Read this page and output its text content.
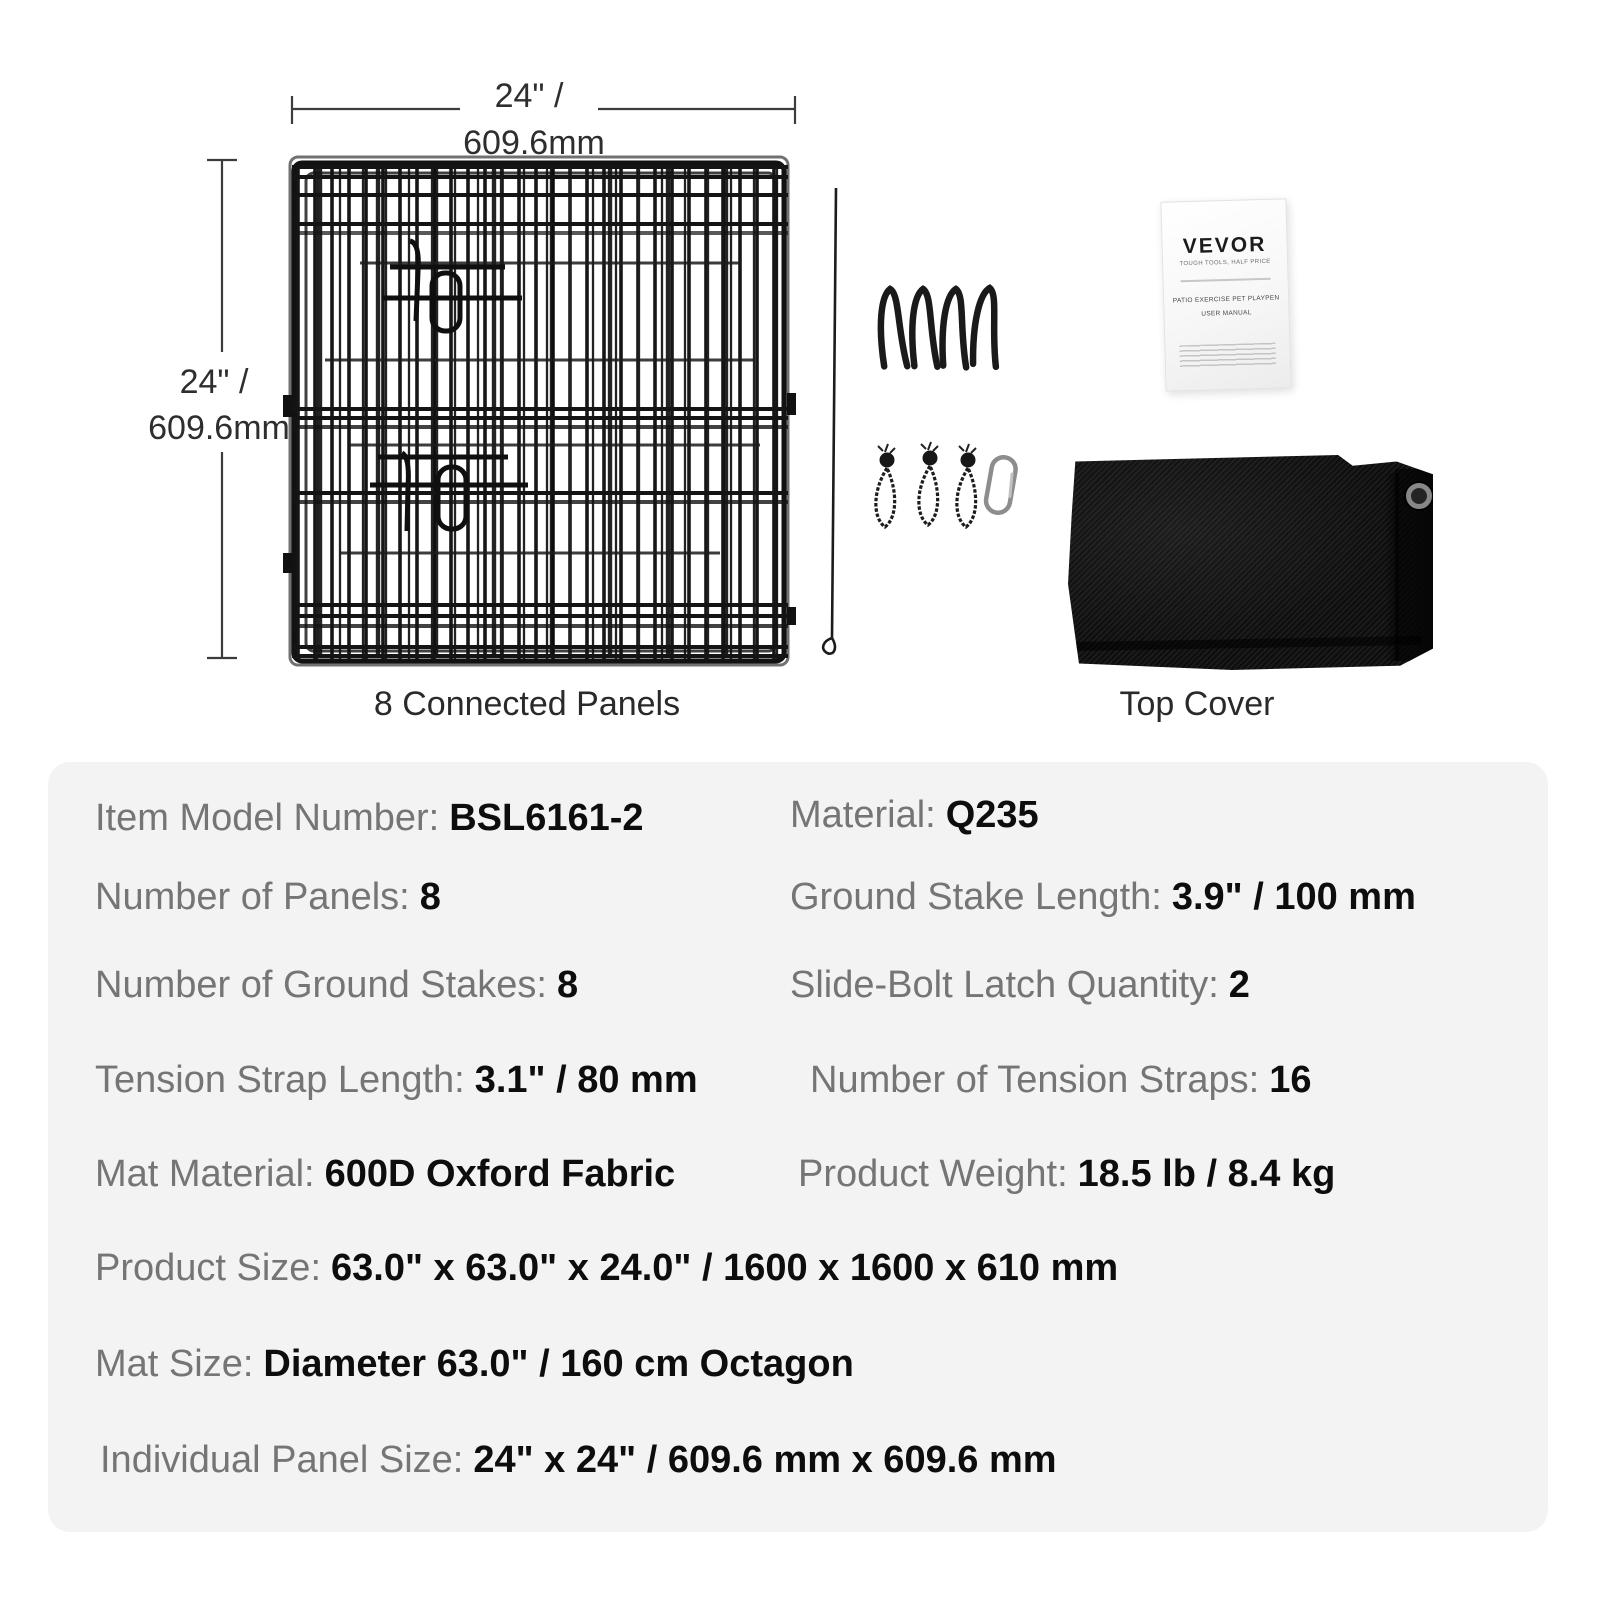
24" /
609.6mm
24" /
609.6mm
VEVOR
TOUGH TOOLS, HALF PRICE
PATIO EXERCISE PET PLAYPEN
USER MANUAL
8 Connected Panels	Top Cover
Item Model Number: BSL6161-2	Material: Q235
Number of Panels: 8	Ground Stake Length: 3.9" / 100 mm
Number of Ground Stakes: 8	Slide-Bolt Latch Quantity: 2
Tension Strap Length: 3.1" / 80 mm	Number of Tension Straps: 16
Mat Material: 600D Oxford Fabric	Product Weight: 18.5 lb / 8.4 kg
Product Size: 63.0" x 63.0" x 24.0" / 1600 x 1600 x 610 mm
Mat Size: Diameter 63.0" / 160 cm Octagon
Individual Panel Size: 24" x 24" / 609.6 mm x 609.6 mm
